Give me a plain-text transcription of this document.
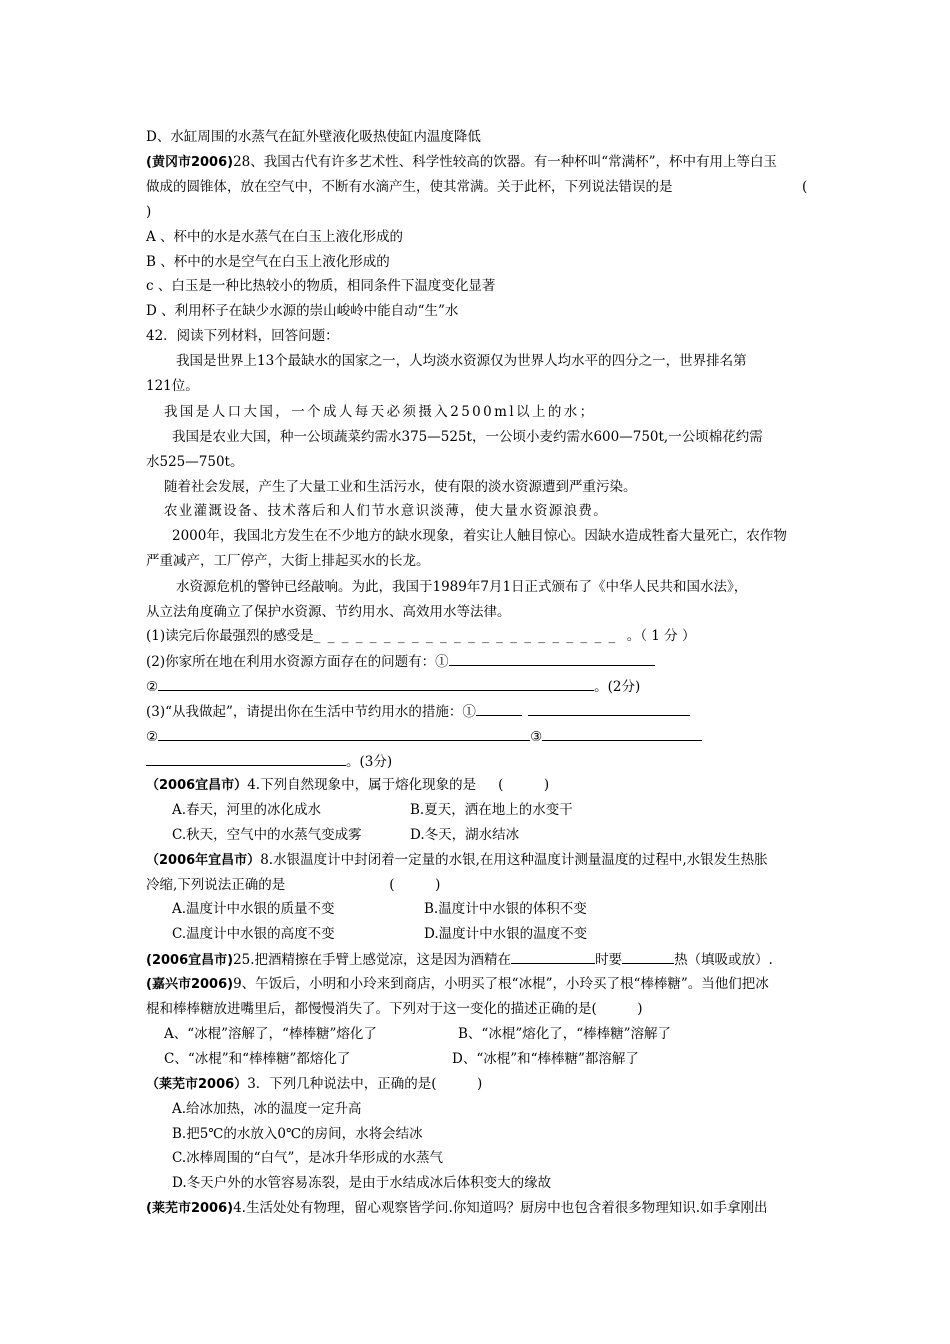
D、水缸周围的水蒸气在缸外壁液化吸热使缸内温度降低
(黄冈市2006)28、我国古代有许多艺术性、科学性较高的饮器。有一种杯叫“常满杯”，杯中有用上等白玉
做成的圆锥体，放在空气中，不断有水滴产生，使其常满。关于此杯，下列说法错误的是	(
)
A 、杯中的水是水蒸气在白玉上液化形成的
B 、杯中的水是空气在白玉上液化形成的
c 、白玉是一种比热较小的物质，相同条件下温度变化显著
D 、利用杯子在缺少水源的崇山峻岭中能自动“生”水
42．阅读下列材料，回答问题：
我国是世界上13个最缺水的国家之一，人均淡水资源仅为世界人均水平的四分之一，世界排名第
121位。
我国是人口大国，一个成人每天必须摄入2500ml以上的水；
我国是农业大国，种一公顷蔬菜约需水375—525t，一公顷小麦约需水600—750t,一公顷棉花约需
水525—750t。
随着社会发展，产生了大量工业和生活污水，使有限的淡水资源遭到严重污染。
农业灌溉设备、技术落后和人们节水意识淡薄，使大量水资源浪费。
2000年，我国北方发生在不少地方的缺水现象，着实让人触目惊心。因缺水造成牲畜大量死亡，农作物
严重减产，工厂停产，大街上排起买水的长龙。
水资源危机的警钟已经敲响。为此，我国于1989年7月1日正式颁布了《中华人民共和国水法》，
从立法角度确立了保护水资源、节约用水、高效用水等法律。
(1)读完后你最强烈的感受是_ _ _ _ _ _ _ _ _ _ _ _ _ _ _ _ _ _ _ _ _ _ 。（ 1 分 ）
(2)你家所在地在利用水资源方面存在的问题有：①
②	。(2分)
(3)“从我做起”，请提出你在生活中节约用水的措施：①
②	③
。(3分)
（2006宜昌市）4.下列自然现象中，属于熔化现象的是 (　　　)
A.春天，河里的冰化成水	B.夏天，洒在地上的水变干
C.秋天，空气中的水蒸气变成雾	D.冬天，湖水结冰
（2006年宜昌市）8.水银温度计中封闭着一定量的水银,在用这种温度计测量温度的过程中,水银发生热胀
冷缩,下列说法正确的是	(　　　)
A.温度计中水银的质量不变	B.温度计中水银的体积不变
C.温度计中水银的高度不变	D.温度计中水银的温度不变
(2006宜昌市)25.把酒精擦在手臂上感觉凉，这是因为酒精在	时要	热（填吸或放）.
(嘉兴市2006)9、午饭后，小明和小玲来到商店，小明买了根“冰棍”，小玲买了根“棒棒糖”。当他们把冰
棍和棒棒糖放进嘴里后，都慢慢消失了。下列对于这一变化的描述正确的是(　　　)
A、“冰棍”溶解了，“棒棒糖”熔化了	B、“冰棍”熔化了，“棒棒糖”溶解了
C、“冰棍”和“棒棒糖”都熔化了	D、“冰棍”和“棒棒糖”都溶解了
（莱芜市2006）3．下列几种说法中，正确的是(　　　)
A.给冰加热，冰的温度一定升高
B.把5℃的水放入0℃的房间，水将会结冰
C.冰棒周围的“白气”，是冰升华形成的水蒸气
D.冬天户外的水管容易冻裂，是由于水结成冰后体积变大的缘故
(莱芜市2006)4.生活处处有物理，留心观察皆学问.你知道吗？厨房中也包含着很多物理知识.如手拿刚出
